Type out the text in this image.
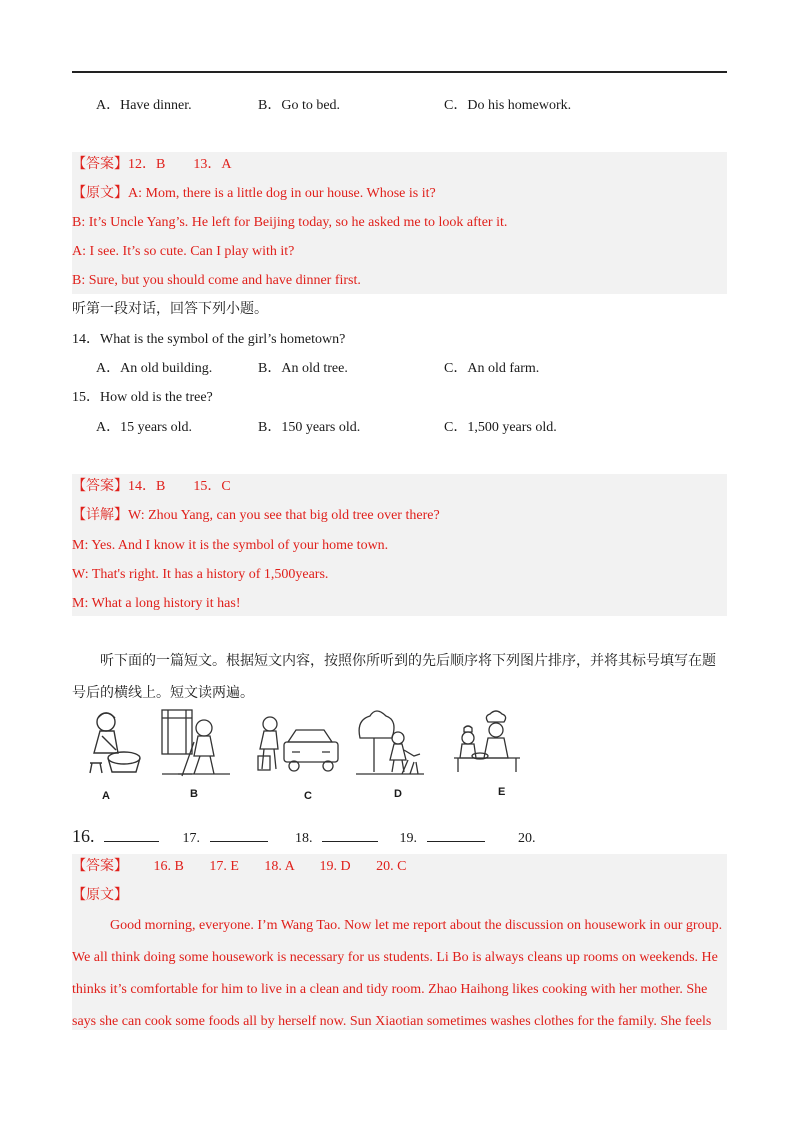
A．Have dinner.	B．Go to bed.	C．Do his homework.
【答案】12．B　　13．A
【原文】A: Mom, there is a little dog in our house. Whose is it?
B: It’s Uncle Yang’s. He left for Beijing today, so he asked me to look after it.
A: I see. It’s so cute. Can I play with it?
B: Sure, but you should come and have dinner first.
听第一段对话，回答下列小题。
14．What is the symbol of the girl’s hometown?
A．An old building.	B．An old tree.	C．An old farm.
15．How old is the tree?
A．15 years old.	B．150 years old.	C．1,500 years old.
【答案】14．B　　15．C
【详解】W: Zhou Yang, can you see that big old tree over there?
M: Yes. And I know it is the symbol of your home town.
W: That's right. It has a history of 1,500years.
M: What a long history it has!
听下面的一篇短文。根据短文内容，按照你所听到的先后顺序将下列图片排序，并将其标号填写在题
号后的横线上。短文读两遍。
A	B	C	D	E
16.	17.	18.	19.	20.
【答案】 16. B 17. E 18. A 19. D 20. C
【原文】
Good morning, everyone. I’m Wang Tao. Now let me report about the discussion on housework in our group.
We all think doing some housework is necessary for us students. Li Bo is always cleans up rooms on weekends. He
thinks it’s comfortable for him to live in a clean and tidy room. Zhao Haihong likes cooking with her mother. She
says she can cook some foods all by herself now. Sun Xiaotian sometimes washes clothes for the family. She feels
